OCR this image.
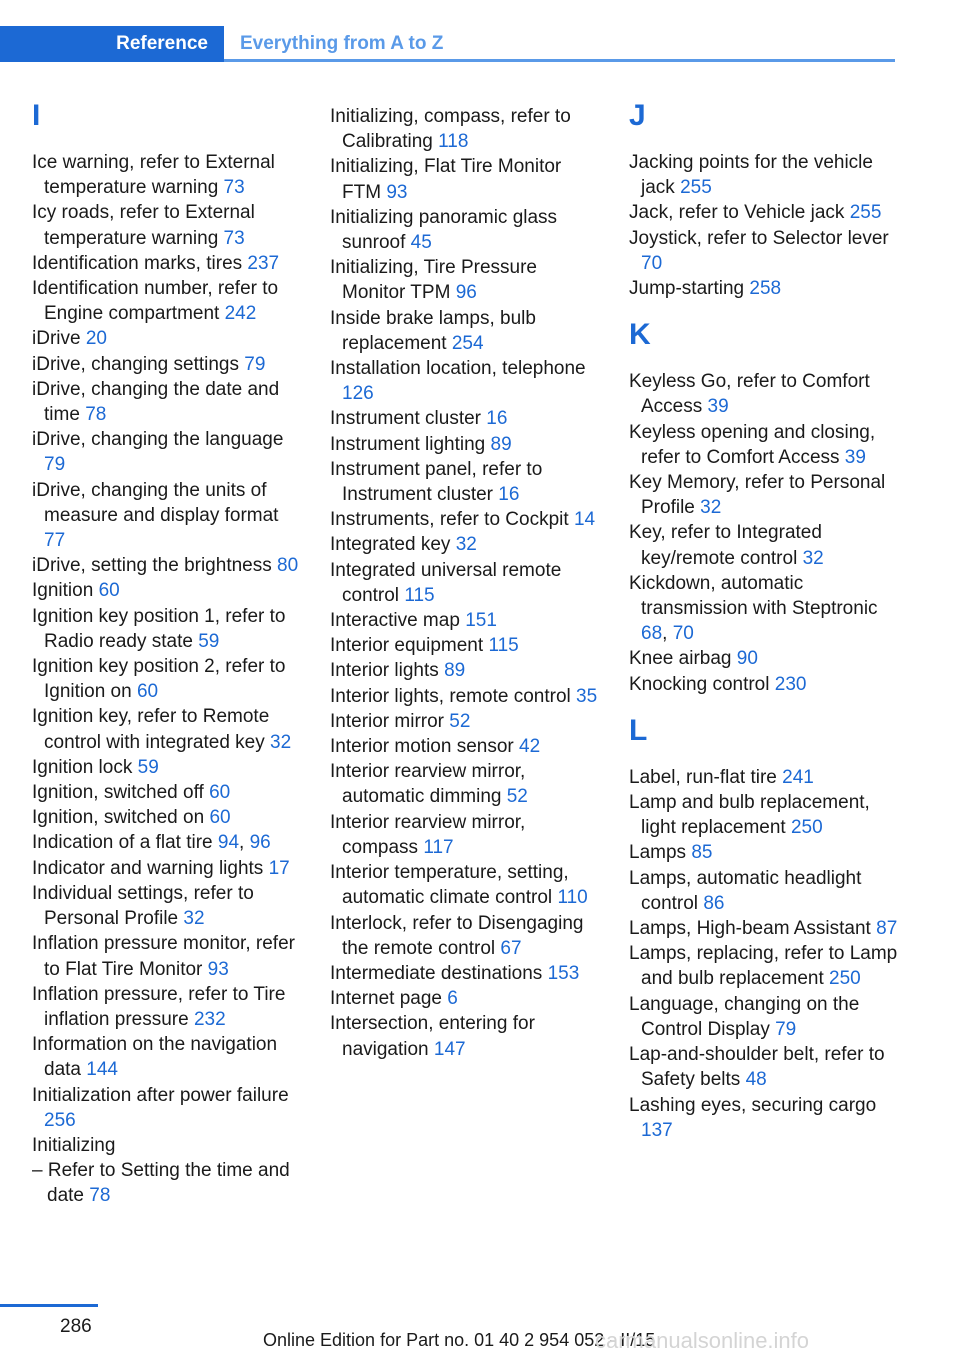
Reference Everything from A to Z
I
Ice warning, refer to External temperature warning 73
Icy roads, refer to External temperature warning 73
Identification marks, tires 237
Identification number, refer to Engine compartment 242
iDrive 20
iDrive, changing settings 79
iDrive, changing the date and time 78
iDrive, changing the language 79
iDrive, changing the units of measure and display format 77
iDrive, setting the brightness 80
Ignition 60
Ignition key position 1, refer to Radio ready state 59
Ignition key position 2, refer to Ignition on 60
Ignition key, refer to Remote control with integrated key 32
Ignition lock 59
Ignition, switched off 60
Ignition, switched on 60
Indication of a flat tire 94, 96
Indicator and warning lights 17
Individual settings, refer to Personal Profile 32
Inflation pressure monitor, refer to Flat Tire Monitor 93
Inflation pressure, refer to Tire inflation pressure 232
Information on the navigation data 144
Initialization after power failure 256
Initializing
– Refer to Setting the time and date 78
Initializing, compass, refer to Calibrating 118
Initializing, Flat Tire Monitor FTM 93
Initializing panoramic glass sunroof 45
Initializing, Tire Pressure Monitor TPM 96
Inside brake lamps, bulb replacement 254
Installation location, telephone 126
Instrument cluster 16
Instrument lighting 89
Instrument panel, refer to Instrument cluster 16
Instruments, refer to Cockpit 14
Integrated key 32
Integrated universal remote control 115
Interactive map 151
Interior equipment 115
Interior lights 89
Interior lights, remote control 35
Interior mirror 52
Interior motion sensor 42
Interior rearview mirror, automatic dimming 52
Interior rearview mirror, compass 117
Interior temperature, setting, automatic climate control 110
Interlock, refer to Disengaging the remote control 67
Intermediate destinations 153
Internet page 6
Intersection, entering for navigation 147
J
Jacking points for the vehicle jack 255
Jack, refer to Vehicle jack 255
Joystick, refer to Selector lever 70
Jump-starting 258
K
Keyless Go, refer to Comfort Access 39
Keyless opening and closing, refer to Comfort Access 39
Key Memory, refer to Personal Profile 32
Key, refer to Integrated key/remote control 32
Kickdown, automatic transmission with Steptronic 68, 70
Knee airbag 90
Knocking control 230
L
Label, run-flat tire 241
Lamp and bulb replacement, light replacement 250
Lamps 85
Lamps, automatic headlight control 86
Lamps, High-beam Assistant 87
Lamps, replacing, refer to Lamp and bulb replacement 250
Language, changing on the Control Display 79
Lap-and-shoulder belt, refer to Safety belts 48
Lashing eyes, securing cargo 137
286
Online Edition for Part no. 01 40 2 954 052 - II/15
carmanualsonline.info
